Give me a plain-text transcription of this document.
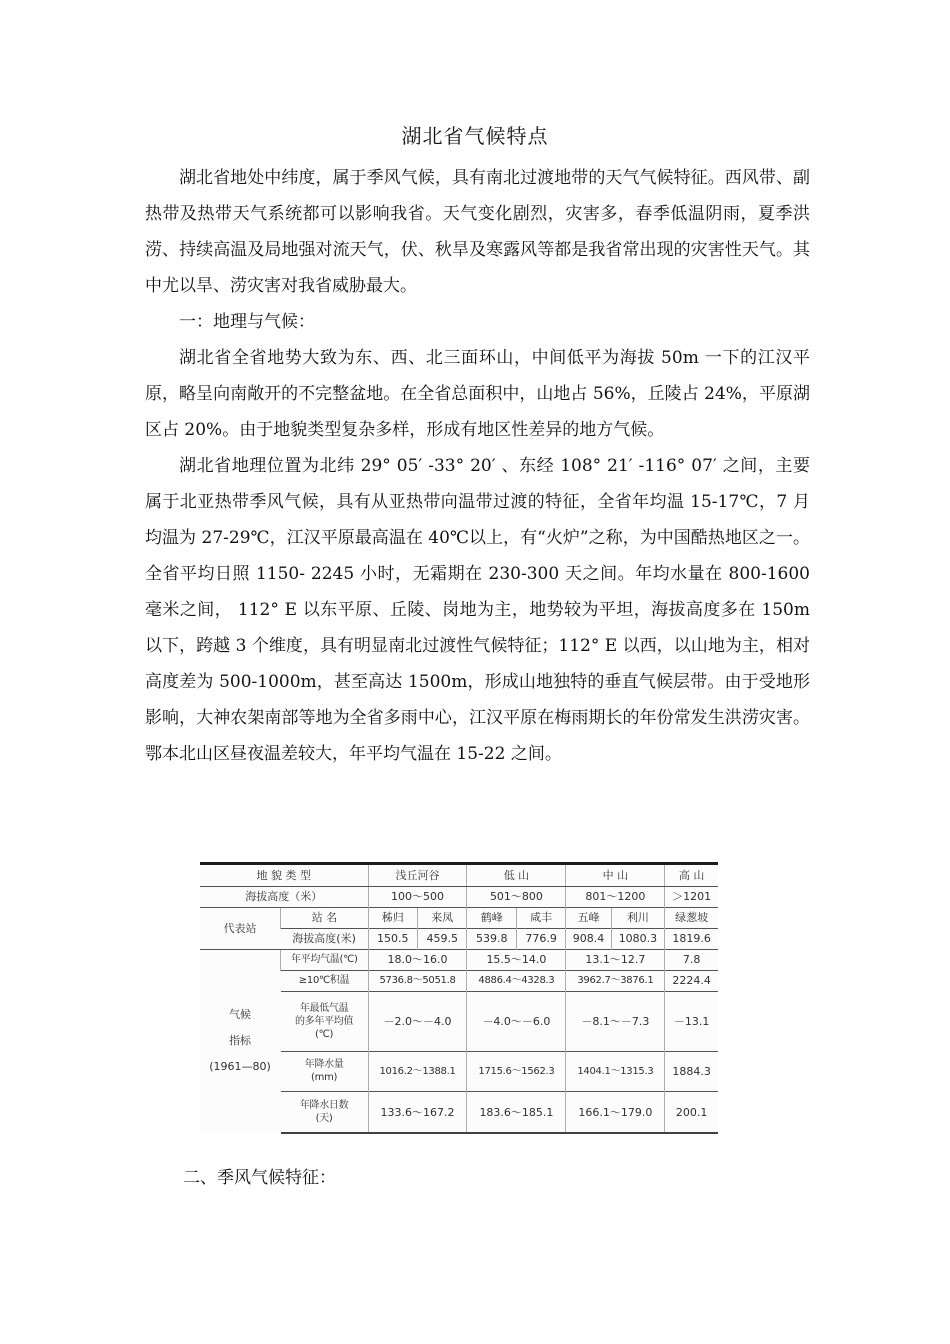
湖北省气候特点

湖北省地处中纬度，属于季风气候，具有南北过渡地带的天气气候特征。西风带、副热带及热带天气系统都可以影响我省。天气变化剧烈，灾害多，春季低温阴雨，夏季洪涝、持续高温及局地强对流天气，伏、秋旱及寒露风等都是我省常出现的灾害性天气。其中尤以旱、涝灾害对我省威胁最大。

一：地理与气候：

湖北省全省地势大致为东、西、北三面环山，中间低平为海拔 50m 一下的江汉平原，略呈向南敞开的不完整盆地。在全省总面积中，山地占 56%，丘陵占 24%，平原湖区占 20%。由于地貌类型复杂多样，形成有地区性差异的地方气候。

湖北省地理位置为北纬 29° 05′ -33° 20′ 、东经 108° 21′ -116° 07′ 之间，主要属于北亚热带季风气候，具有从亚热带向温带过渡的特征，全省年均温 15-17℃，7 月均温为 27-29℃，江汉平原最高温在 40℃以上，有“火炉”之称，为中国酷热地区之一。全省平均日照 1150- 2245 小时，无霜期在 230-300 天之间。年均水量在 800-1600 毫米之间， 112° E 以东平原、丘陵、岗地为主，地势较为平坦，海拔高度多在 150m 以下，跨越 3 个维度，具有明显南北过渡性气候特征；112° E 以西，以山地为主，相对高度差为 500-1000m，甚至高达 1500m，形成山地独特的垂直气候层带。由于受地形影响，大神农架南部等地为全省多雨中心，江汉平原在梅雨期长的年份常发生洪涝灾害。鄂本北山区昼夜温差较大，年平均气温在 15-22 之间。

地 貌 类 型		浅丘河谷		低 山		中 山		高 山
海拔高度（米）		100～500		501～800		801～1200		＞1201
代表站	站 名	秭归	来凤	鹤峰	咸丰	五峰	利川	绿葱坡
	海拔高度(米)	150.5	459.5	539.8	776.9	908.4	1080.3	1819.6

气候
指标
(1961—80)	年平均气温(℃)	18.0～16.0		15.5～14.0		13.1～12.7		7.8
	≥10℃积温	5736.8～5051.8		4886.4～4328.3		3962.7～3876.1		2224.4

	年最低气温
的多年平均值
(℃)	－2.0～－4.0		－4.0～－6.0		－8.1～－7.3		－13.1

	年降水量
(mm)	1016.2～1388.1		1715.6～1562.3		1404.1～1315.3		1884.3

	年降水日数
(天)	133.6～167.2		183.6～185.1		166.1～179.0		200.1
二、季风气候特征：
